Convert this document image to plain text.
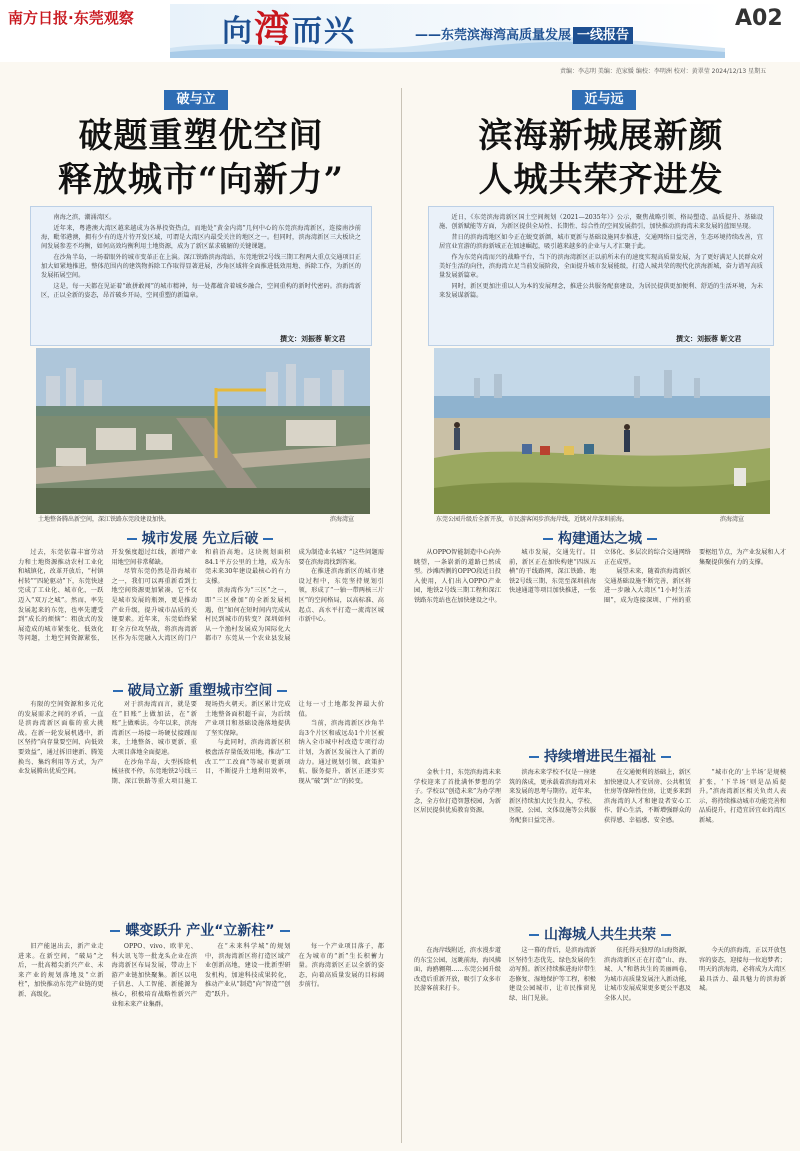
南方日报·东莞观察	向湾而兴	——东莞滨海湾高质量发展 一线报告
A02
责编：李志明 美编：范家媛 编校：李明洲 校对：黄翠莹 2024/12/13 星期五
破与立
破题重塑优空间
释放城市“向新力”

南海之滨，潮涌湾区。

近年来，粤港澳大湾区越来越成为各界投资热点，而地处“黄金内湾”几何中心的东莞滨海湾新区，连接南沙前海，毗邻港澳，拥有少有的连片待开发区域，可谓是大湾区内最受关注的地区之一。但同时，滨海湾新区三大板块之间发展参差不均衡，如何高效均衡利用土地资源，成为了新区谋求破解的关键课题。

在沙角半岛，一场着眼外的城市变革正在上演。深江铁路滨海湾站、东莞地铁2号线三期工程两大重点交通项目正加大如紧地推进，整体范围内的建筑物拆除工作取得显著进展，沙角区域将全面推进低效用地、拆除工作，为新区的发展拓展空间。

这是，每一天都在见证着“敢拼敢闯”的城市精神，每一处都蕴含着城乡融合，空间重构的新时代密码。滨海湾新区，正以全新的姿态，昂首破乡开局，空间重塑的新篇章。

撰文：刘振蓉 靳文君
土地整备腾出新空间，深江铁路东莞段建设加快。	滨海湾宣
城市发展 先立后破

过去，东莞依靠丰富劳动力和土地资源推动农村工业化和城镇化，改革开放后，“村镇村转”“四轮驱动”下，东莞快速完成了工业化、城市化，一跃迈入“双万之城”。然而，率先发展起来的东莞，也率先遭受到“成长的烦恼”：粗放式的发展造成的城市紧张化、低效化等问题，土地空间资源紧张，开发强度超过红线，新增产业用地空间非常稀缺。

尽管东莞仍然是沿海城市之一，我们可以再重新看到土地空间资源更加紧凑，它不仅是城市发展的瓶颈，更是推动产业升级，提升城市品质的关键要素。近年来，东莞始终紧盯全方位攻坚战，将滨海湾新区作为东莞融入大湾区的门户和前沿高地。这块规划面积84.1平方公里的土地，成为东莞未来30年建设最核心的有力支撑。

滨海湾作为“三区”之一，即“三区叠加”的全新发展机遇，但“如何在短时间内完成从村民到城市的转变？深圳如何从一个渔村发展成为国际化大都市？东莞从一个农业县发展成为制造业名城？”这些问题需要在滨海湾找到答案。

在推进滨海新区的城市建设过程中，东莞坚持规划引领，形成了“一轴一带两核三片区”的空间格局，以高标准、高起点、高水平打造一流湾区城市新中心。

破局立新 重塑城市空间

有限的空间资源和多元化的发展需求之间的矛盾，一直是滨海湾新区面临的重大挑战。在新一轮发展机遇中，新区坚持“向存量要空间、向低效要效益”，通过拆旧建新、腾笼换鸟、集约利用等方式，为产业发展腾出优质空间。

对于滨海湾而言，就是要在“旧账”上做加法，在“新账”上做乘法。今年以来，滨海湾新区一场接一场硬仗接踵而来，土地整备、城市更新、重大项目落地全面提速。

在沙角半岛，大型拆除机械昼夜不停，东莞地铁2号线三期、深江铁路等重大项目施工现场热火朝天。新区累计完成土地整备面积超千亩，为后续产业项目和基础设施落地提供了坚实保障。

与此同时，滨海湾新区积极盘活存量低效用地，推动“工改工”“工改商”等城市更新项目，不断提升土地利用效率，让每一寸土地都发挥最大价值。

当前，滨海湾新区沙角半岛3个片区和威远岛1个片区被纳入全市城中村改造专项行动计划，为新区发展注入了新的动力。通过规划引领、政策护航、服务提升，新区正逐步实现从“破”到“立”的转变。

蝶变跃升 产业“立新柱”

旧产能退出去，新产业走进来。在新空间，“破局”之后，一批高精尖新兴产业、未来产业的规划落地及“立新柱”，加快推动东莞产业链的更新、高级化。

OPPO、vivo、欧菲光、科大讯飞等一批龙头企业在滨海湾新区布局发展，带动上下游产业链加快聚集。新区以电子信息、人工智能、新能源为核心，积极培育战略性新兴产业和未来产业集群。

在“未来科学城”的规划中，滨海湾新区将打造区域产业创新高地，建设一批新型研发机构，加速科技成果转化，推动产业从“制造”向“智造”“创造”跃升。

每一个产业项目落子，都在为城市的“新”生长积蓄力量。滨海湾新区正以全新的姿态，向着高质量发展的目标阔步前行。

近与远
滨海新城展新颜
人城共荣齐进发

近日，《东莞滨海湾新区国土空间规划（2021—2035年）》公示，聚焦战略引领、格局塑造、品质提升、基础设施、创新赋能等方面，为新区提供全局性、长期性、综合性的空间发展指引，加快推动滨海湾未来发展的蓝图呈现。

昔日的滨海湾地区如今正在蜕变新颜，城市更新与基础设施同步推进，交通网络日益完善，生态环境持续改善，宜居宜业宜游的滨海新城正在加速崛起，吸引越来越多的企业与人才汇聚于此。

作为东莞向湾而兴的战略平台，当下的滨海湾新区正以前所未有的速度实现高质量发展，为了更好满足人民群众对美好生活的向往，滨海湾立足当前发展阶段，全面提升城市发展能级，打造人城共荣的现代化滨海新城，奋力谱写高质量发展新篇章。

同时，新区更加注重以人为本的发展理念，推进公共服务配套建设，为居民提供更加便利、舒适的生活环境，为未来发展谋新篇。

撰文：刘振蓉 靳文君
东莞公园升级后全新开放，市民游客闲步滨海岸线，近眺对岸深圳前海。	滨海湾宣
构建通达之城

从OPPO智能制造中心向外眺望，一条崭新的道路已然成型。沙滩西侧的OPPO段近日投入使用，人们出入OPPO产业园，地铁2号线三期工程和深江铁路东莞站也在加快建设之中。

城市发展，交通先行。目前，新区正在加快构建“四纵五横”的干线路网，深江铁路、地铁2号线三期、东莞至深圳前海快速通道等项目加快推进，一张立体化、多层次的综合交通网络正在成型。

展望未来，随着滨海湾新区交通基础设施不断完善，新区将进一步融入大湾区“1小时生活圈”，成为连接深圳、广州的重要枢纽节点，为产业发展和人才集聚提供强有力的支撑。

持续增进民生福祉

金秋十月，东莞滨海湾未来学校迎来了首批满怀梦想的学子。学校以“创造未来”为办学理念，全方位打造智慧校园，为新区居民提供优质教育资源。

滨海未来学校不仅是一座建筑的落成，更承载着滨海湾对未来发展的思考与期待。近年来，新区持续加大民生投入，学校、医院、公园、文体设施等公共服务配套日益完善。

在交通便利的基础上，新区加快建设人才安居房、公共租赁住房等保障性住房，让更多来到滨海湾的人才和建设者安心工作、舒心生活，不断增强群众的获得感、幸福感、安全感。

“城市化的‘上半场’是规模扩张，‘下半场’则是品质提升。”滨海湾新区相关负责人表示，将持续推动城市功能完善和品质提升，打造宜居宜业的湾区新城。

山海城人共生共荣

在海岸线附近，滨水漫步道的东宝公园，远眺前海，海风拂面，海鸥翱翔……东莞公园升级改造后重新开放，吸引了众多市民游客前来打卡。

这一幕的背后，是滨海湾新区坚持生态优先、绿色发展的生动写照。新区持续推进海岸带生态修复、湿地保护等工程，积极建设公园城市，让市民推窗见绿、出门见景。

依托得天独厚的山海资源，滨海湾新区正在打造“山、海、城、人”和谐共生的美丽画卷，为城市高质量发展注入新动能，让城市发展成果更多更公平惠及全体人民。

今天的滨海湾，正以开放包容的姿态，迎接每一位追梦者；明天的滨海湾，必将成为大湾区最具活力、最具魅力的滨海新城。
